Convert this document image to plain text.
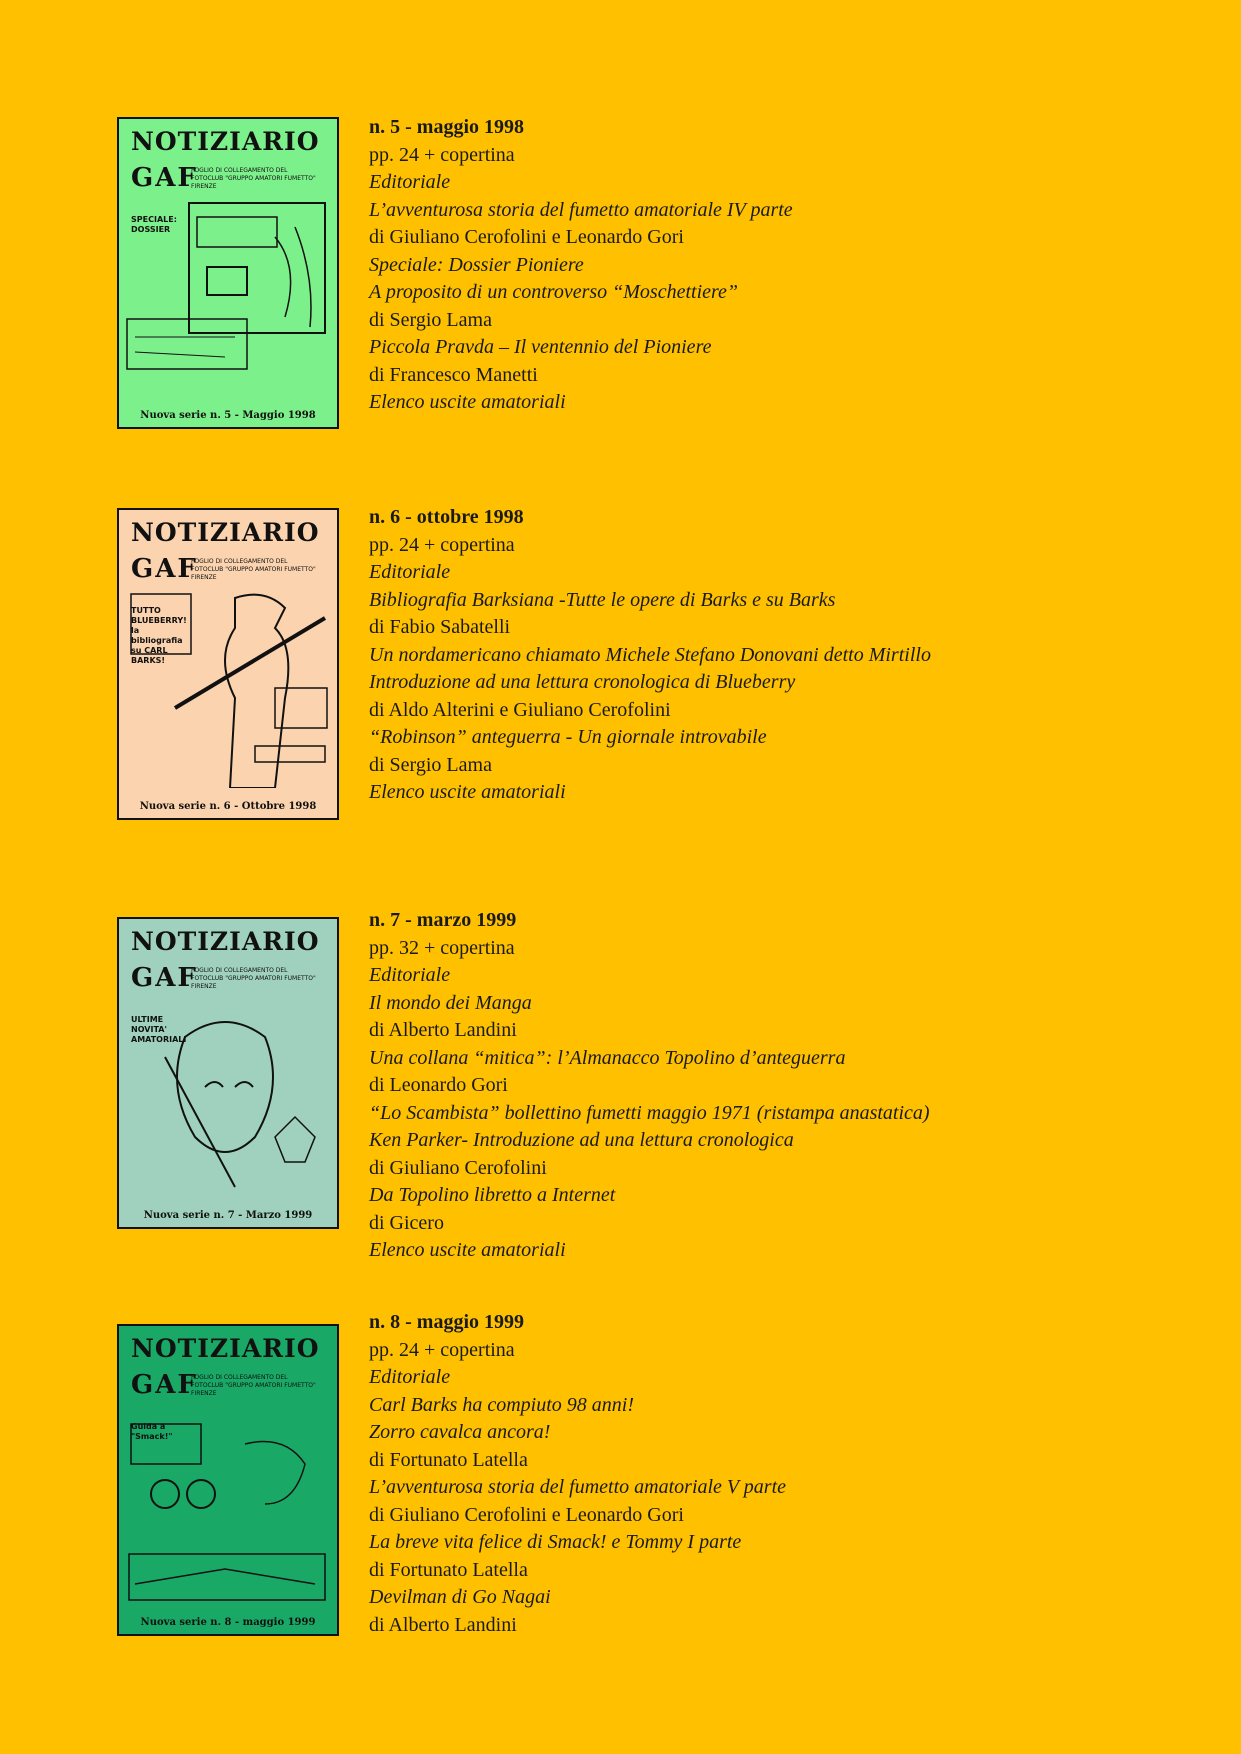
NOTIZIARIO
GAF
FOGLIO DI COLLEGAMENTO DEL FOTOCLUB "GRUPPO AMATORI FUMETTO" FIRENZE
SPECIALE: DOSSIER
Nuova serie n. 5 - Maggio 1998
n. 5 - maggio 1998
pp. 24 + copertina
Editoriale
L’avventurosa storia del fumetto amatoriale IV parte
di Giuliano Cerofolini e Leonardo Gori
Speciale: Dossier Pioniere
A proposito di un controverso “Moschettiere”
di Sergio Lama
Piccola Pravda – Il ventennio del Pioniere
di Francesco Manetti
Elenco uscite amatoriali
NOTIZIARIO
GAF
FOGLIO DI COLLEGAMENTO DEL FOTOCLUB "GRUPPO AMATORI FUMETTO" FIRENZE
TUTTO BLUEBERRY! la bibliografia su CARL BARKS!
Nuova serie n. 6 - Ottobre 1998
n. 6 - ottobre 1998
pp. 24 + copertina
Editoriale
Bibliografia Barksiana -Tutte le opere di Barks e su Barks
di Fabio Sabatelli
Un nordamericano chiamato Michele Stefano Donovani detto Mirtillo
Introduzione ad una lettura cronologica di Blueberry
di Aldo Alterini e Giuliano Cerofolini
“Robinson” anteguerra - Un giornale introvabile
di Sergio Lama
Elenco uscite amatoriali
NOTIZIARIO
GAF
FOGLIO DI COLLEGAMENTO DEL FOTOCLUB "GRUPPO AMATORI FUMETTO" FIRENZE
ULTIME NOVITA' AMATORIALI
Nuova serie n. 7 - Marzo 1999
n. 7 - marzo 1999
pp. 32 + copertina
Editoriale
Il mondo dei Manga
di Alberto Landini
Una collana “mitica”: l’Almanacco Topolino d’anteguerra
di Leonardo Gori
“Lo Scambista” bollettino fumetti maggio 1971 (ristampa anastatica)
Ken Parker- Introduzione ad una lettura cronologica
di Giuliano Cerofolini
Da Topolino libretto a Internet
di Gicero
Elenco uscite amatoriali
NOTIZIARIO
GAF
FOGLIO DI COLLEGAMENTO DEL FOTOCLUB "GRUPPO AMATORI FUMETTO" FIRENZE
Guida a "Smack!"
Nuova serie n. 8 - maggio 1999
n. 8 - maggio 1999
pp. 24 + copertina
Editoriale
Carl Barks ha compiuto 98 anni!
Zorro cavalca ancora!
di Fortunato Latella
L’avventurosa storia del fumetto amatoriale V parte
di Giuliano Cerofolini e Leonardo Gori
La breve vita felice di Smack! e Tommy I parte
di Fortunato Latella
Devilman di Go Nagai
di Alberto Landini
